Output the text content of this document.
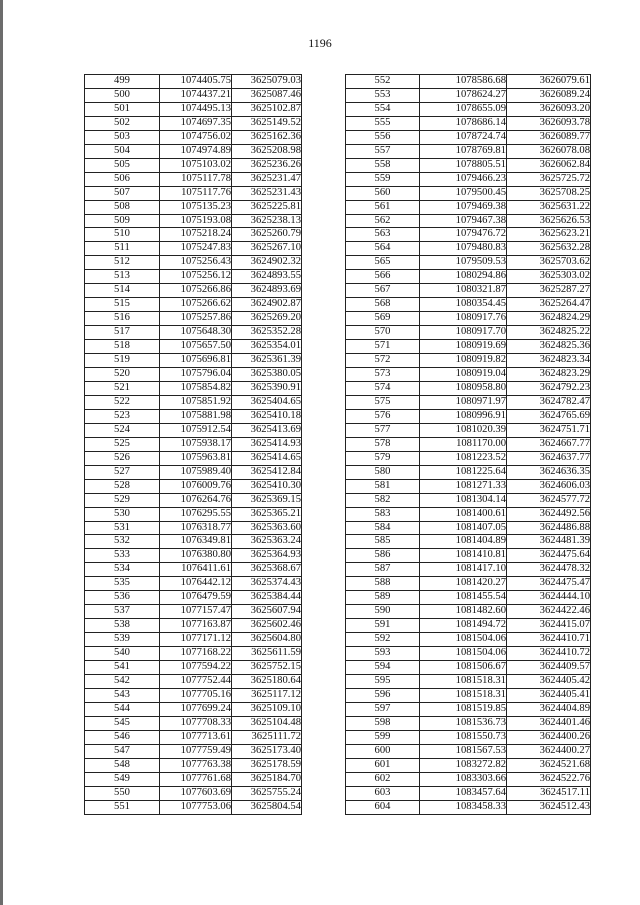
1196
499	1074405.75	3625079.03
500	1074437.21	3625087.46
501	1074495.13	3625102.87
502	1074697.35	3625149.52
503	1074756.02	3625162.36
504	1074974.89	3625208.98
505	1075103.02	3625236.26
506	1075117.78	3625231.47
507	1075117.76	3625231.43
508	1075135.23	3625225.81
509	1075193.08	3625238.13
510	1075218.24	3625260.79
511	1075247.83	3625267.10
512	1075256.43	3624902.32
513	1075256.12	3624893.55
514	1075266.86	3624893.69
515	1075266.62	3624902.87
516	1075257.86	3625269.20
517	1075648.30	3625352.28
518	1075657.50	3625354.01
519	1075696.81	3625361.39
520	1075796.04	3625380.05
521	1075854.82	3625390.91
522	1075851.92	3625404.65
523	1075881.98	3625410.18
524	1075912.54	3625413.69
525	1075938.17	3625414.93
526	1075963.81	3625414.65
527	1075989.40	3625412.84
528	1076009.76	3625410.30
529	1076264.76	3625369.15
530	1076295.55	3625365.21
531	1076318.77	3625363.60
532	1076349.81	3625363.24
533	1076380.80	3625364.93
534	1076411.61	3625368.67
535	1076442.12	3625374.43
536	1076479.59	3625384.44
537	1077157.47	3625607.94
538	1077163.87	3625602.46
539	1077171.12	3625604.80
540	1077168.22	3625611.59
541	1077594.22	3625752.15
542	1077752.44	3625180.64
543	1077705.16	3625117.12
544	1077699.24	3625109.10
545	1077708.33	3625104.48
546	1077713.61	3625111.72
547	1077759.49	3625173.40
548	1077763.38	3625178.59
549	1077761.68	3625184.70
550	1077603.69	3625755.24
551	1077753.06	3625804.54
552	1078586.68	3626079.61
553	1078624.27	3626089.24
554	1078655.09	3626093.20
555	1078686.14	3626093.78
556	1078724.74	3626089.77
557	1078769.81	3626078.08
558	1078805.51	3626062.84
559	1079466.23	3625725.72
560	1079500.45	3625708.25
561	1079469.38	3625631.22
562	1079467.38	3625626.53
563	1079476.72	3625623.21
564	1079480.83	3625632.28
565	1079509.53	3625703.62
566	1080294.86	3625303.02
567	1080321.87	3625287.27
568	1080354.45	3625264.47
569	1080917.76	3624824.29
570	1080917.70	3624825.22
571	1080919.69	3624825.36
572	1080919.82	3624823.34
573	1080919.04	3624823.29
574	1080958.80	3624792.23
575	1080971.97	3624782.47
576	1080996.91	3624765.69
577	1081020.39	3624751.71
578	1081170.00	3624667.77
579	1081223.52	3624637.77
580	1081225.64	3624636.35
581	1081271.33	3624606.03
582	1081304.14	3624577.72
583	1081400.61	3624492.56
584	1081407.05	3624486.88
585	1081404.89	3624481.39
586	1081410.81	3624475.64
587	1081417.10	3624478.32
588	1081420.27	3624475.47
589	1081455.54	3624444.10
590	1081482.60	3624422.46
591	1081494.72	3624415.07
592	1081504.06	3624410.71
593	1081504.06	3624410.72
594	1081506.67	3624409.57
595	1081518.31	3624405.42
596	1081518.31	3624405.41
597	1081519.85	3624404.89
598	1081536.73	3624401.46
599	1081550.73	3624400.26
600	1081567.53	3624400.27
601	1083272.82	3624521.68
602	1083303.66	3624522.76
603	1083457.64	3624517.11
604	1083458.33	3624512.43
